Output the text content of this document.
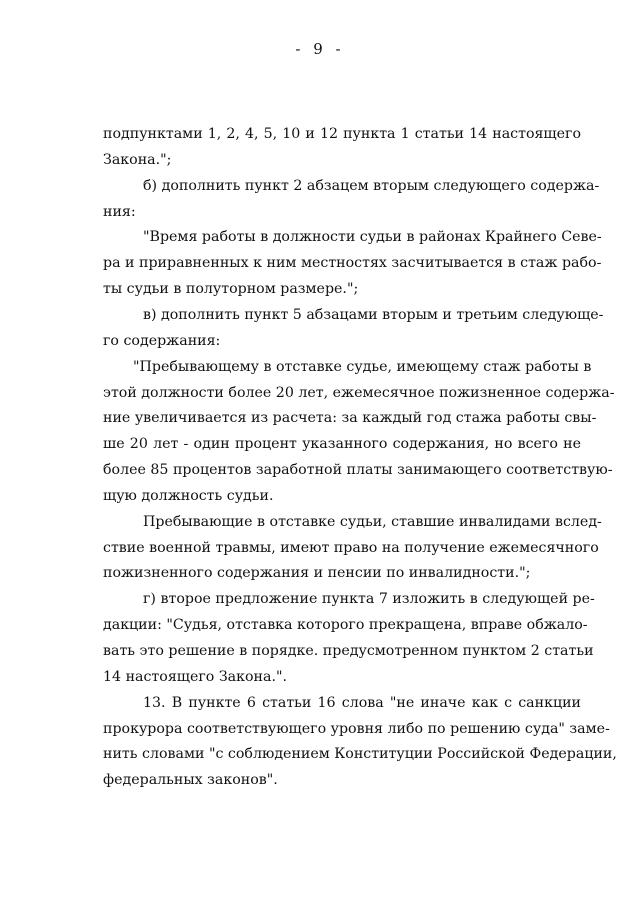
- 9 -
подпунктами 1, 2, 4, 5, 10 и 12 пункта 1 статьи 14 настоящего
Закона.";
б) дополнить пункт 2 абзацем вторым следующего содержа-
ния:
"Время работы в должности судьи в районах Крайнего Севе-
ра и приравненных к ним местностях засчитывается в стаж рабо-
ты судьи в полуторном размере.";
в) дополнить пункт 5 абзацами вторым и третьим следующе-
го содержания:
"Пребывающему в отставке судье, имеющему стаж работы в
этой должности более 20 лет, ежемесячное пожизненное содержа-
ние увеличивается из расчета: за каждый год стажа работы свы-
ше 20 лет - один процент указанного содержания, но всего не
более 85 процентов заработной платы занимающего соответствую-
щую должность судьи.
Пребывающие в отставке судьи, ставшие инвалидами вслед-
ствие военной травмы, имеют право на получение ежемесячного
пожизненного содержания и пенсии по инвалидности.";
г) второе предложение пункта 7 изложить в следующей ре-
дакции: "Судья, отставка которого прекращена, вправе обжало-
вать это решение в порядке. предусмотренном пунктом 2 статьи
14 настоящего Закона.".
13. В пункте 6 статьи 16 слова "не иначе как с санкции
прокурора соответствующего уровня либо по решению суда" заме-
нить словами "с соблюдением Конституции Российской Федерации,
федеральных законов".
